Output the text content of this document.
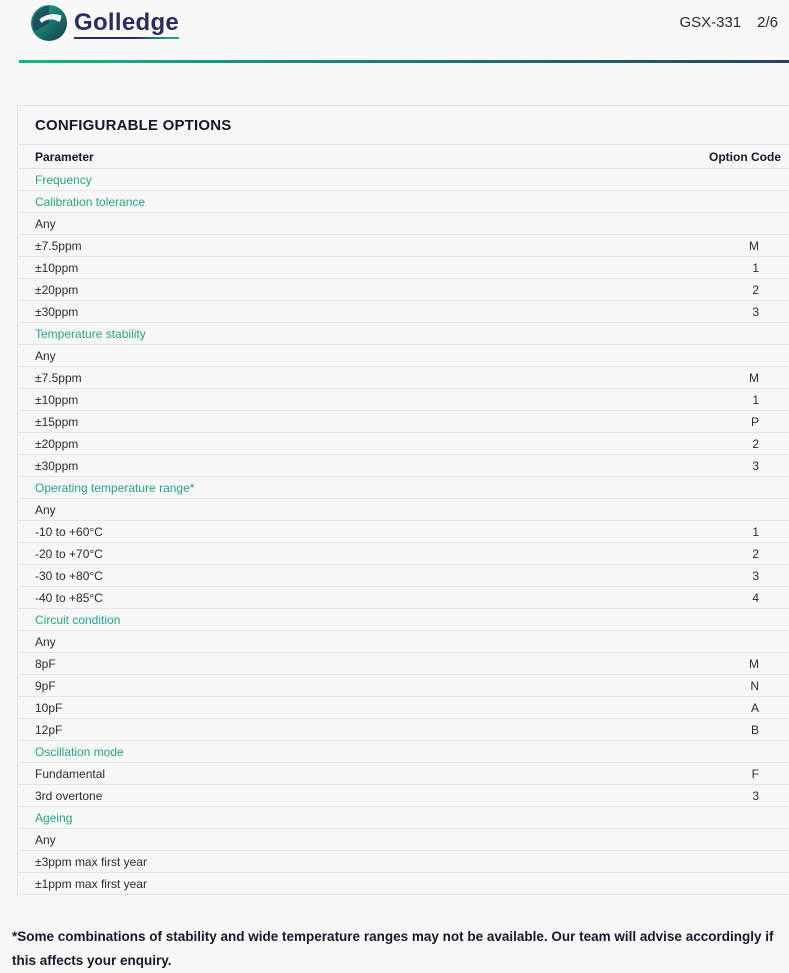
Golledge	GSX-331 2/6
CONFIGURABLE OPTIONS
Parameter	Option Code
Frequency
Calibration tolerance
Any
±7.5ppm	M
±10ppm	1
±20ppm	2
±30ppm	3
Temperature stability
Any
±7.5ppm	M
±10ppm	1
±15ppm	P
±20ppm	2
±30ppm	3
Operating temperature range*
Any
-10 to +60°C	1
-20 to +70°C	2
-30 to +80°C	3
-40 to +85°C	4
Circuit condition
Any
8pF	M
9pF	N
10pF	A
12pF	B
Oscillation mode
Fundamental	F
3rd overtone	3
Ageing
Any
±3ppm max first year
±1ppm max first year
*Some combinations of stability and wide temperature ranges may not be available. Our team will advise accordingly if this affects your enquiry.
